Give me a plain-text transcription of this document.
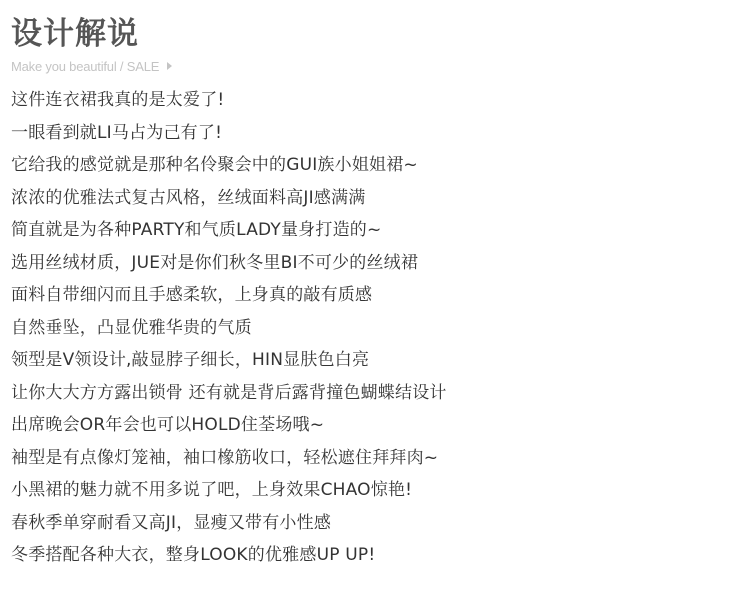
设计解说
Make you beautiful / SALE
这件连衣裙我真的是太爱了!
一眼看到就LI马占为己有了!
它给我的感觉就是那种名伶聚会中的GUI族小姐姐裙~
浓浓的优雅法式复古风格，丝绒面料高JI感满满
简直就是为各种PARTY和气质LADY量身打造的~
选用丝绒材质，JUE对是你们秋冬里BI不可少的丝绒裙
面料自带细闪而且手感柔软，上身真的敲有质感
自然垂坠，凸显优雅华贵的气质
领型是V领设计,敲显脖子细长，HIN显肤色白亮
让你大大方方露出锁骨 还有就是背后露背撞色蝴蝶结设计
出席晚会OR年会也可以HOLD住荃场哦~
袖型是有点像灯笼袖，袖口橡筋收口，轻松遮住拜拜肉~
小黑裙的魅力就不用多说了吧，上身效果CHAO惊艳!
春秋季单穿耐看又高JI，显瘦又带有小性感
冬季搭配各种大衣，整身LOOK的优雅感UP UP!
